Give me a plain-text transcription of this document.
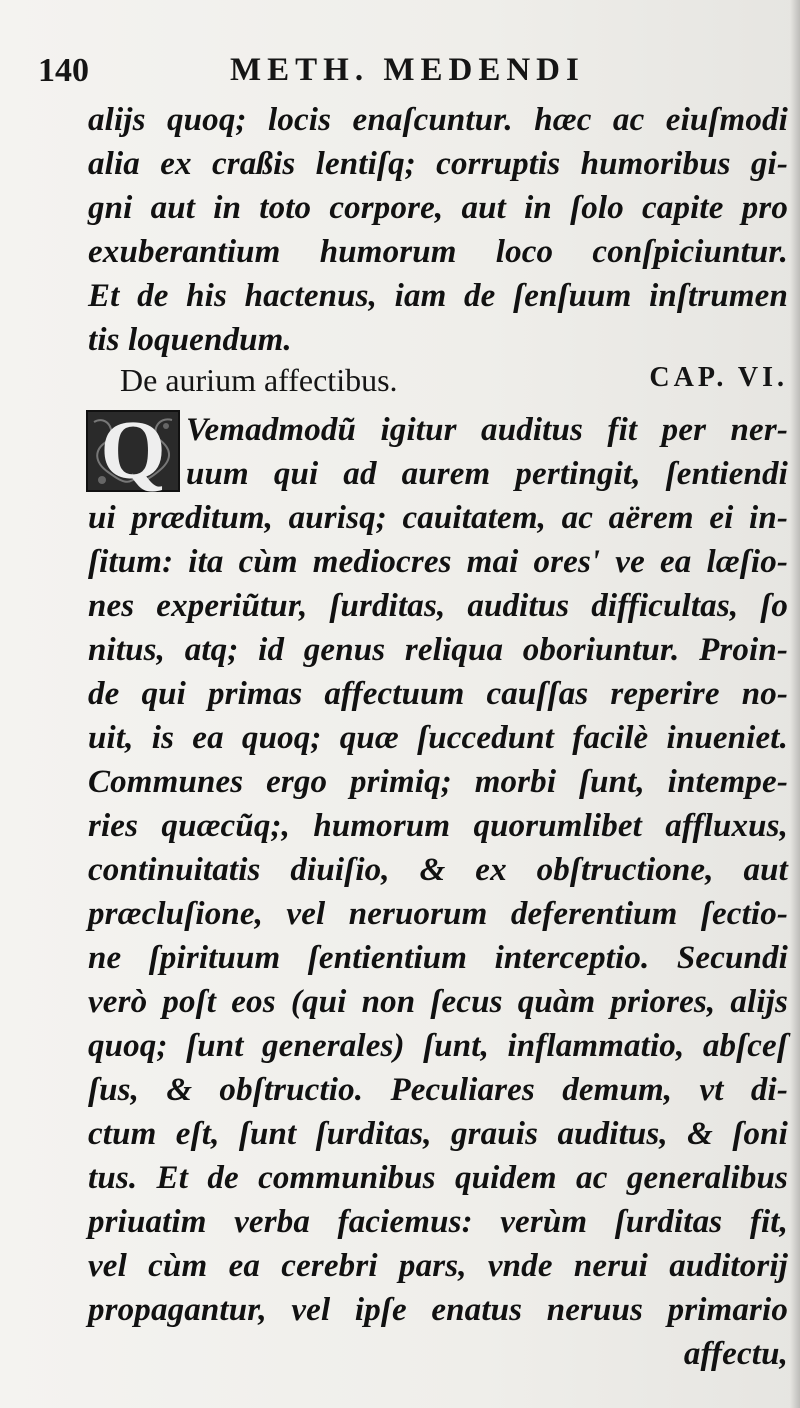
140	METH. MEDENDI
aliјs quoq; locis enaſcuntur. hæc ac eiuſmodi
alia ex craßis lentiſq; corruptis humoribus gi-
gni aut in toto corpore, aut in ſolo capite pro
exuberantium humorum loco conſpiciuntur.
Et de his hactenus, iam de ſenſuum inſtrumen
tis loquendum.
De aurium affectibus.	CAP. VI.
Q Vemadmodũ igitur auditus fit per ner-
uum qui ad aurem pertingit, ſentiendi
ui præditum, aurisq; cauitatem, ac aërem ei in-
ſitum: ita cùm mediocres mai ores' ve ea læſio-
nes experiũtur, ſurditas, auditus difficultas, ſo
nitus, atq; id genus reliqua oboriuntur. Proin-
de qui primas affectuum cauſſas reperire no-
uit, is ea quoq; quæ ſuccedunt facilè inueniet.
Communes ergo primiq; morbi ſunt, intempe-
ries quæcũq;, humorum quorumlibet affluxus,
continuitatis diuiſio, & ex obſtructione, aut
præcluſione, vel neruorum deferentium ſectio-
ne ſpirituum ſentientium interceptio. Secundi
verò poſt eos (qui non ſecus quàm priores, aliјs
quoq; ſunt generales) ſunt, inflammatio, abſceſ
ſus, & obſtructio. Peculiares demum, vt di-
ctum eſt, ſunt ſurditas, grauis auditus, & ſoni
tus. Et de communibus quidem ac generalibus
priuatim verba faciemus: verùm ſurditas fit,
vel cùm ea cerebri pars, vnde nerui auditorij
propagantur, vel ipſe enatus neruus primario
affectu,
